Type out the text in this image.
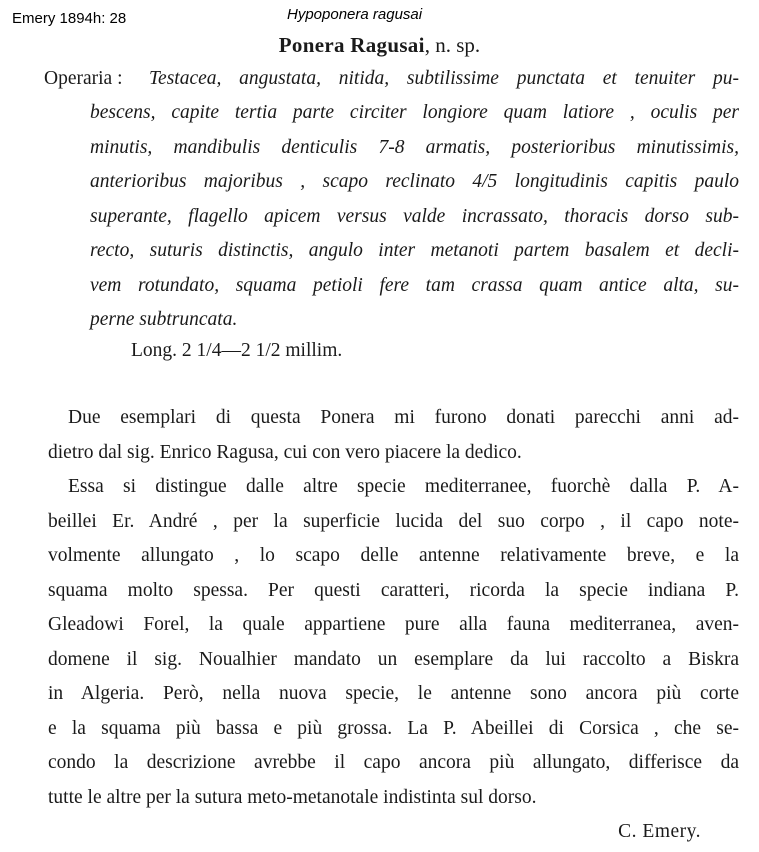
Emery 1894h: 28	Hypoponera ragusai
Ponera Ragusai, n. sp.
Operaria : Testacea, angustata, nitida, subtilissime punctata et tenuiter pu-
bescens, capite tertia parte circiter longiore quam latiore , oculis per
minutis, mandibulis denticulis 7-8 armatis, posterioribus minutissimis,
anterioribus majoribus , scapo reclinato 4/5 longitudinis capitis paulo
superante, flagello apicem versus valde incrassato, thoracis dorso sub-
recto, suturis distinctis, angulo inter metanoti partem basalem et decli-
vem rotundato, squama petioli fere tam crassa quam antice alta, su-
perne subtruncata.
Long. 2 1/4—2 1/2 millim.
Due esemplari di questa Ponera mi furono donati parecchi anni ad-
dietro dal sig. Enrico Ragusa, cui con vero piacere la dedico.
Essa si distingue dalle altre specie mediterranee, fuorchè dalla P. A-
beillei Er. André , per la superficie lucida del suo corpo , il capo note-
volmente allungato , lo scapo delle antenne relativamente breve, e la
squama molto spessa. Per questi caratteri, ricorda la specie indiana P.
Gleadowi Forel, la quale appartiene pure alla fauna mediterranea, aven-
domene il sig. Noualhier mandato un esemplare da lui raccolto a Biskra
in Algeria. Però, nella nuova specie, le antenne sono ancora più corte
e la squama più bassa e più grossa. La P. Abeillei di Corsica , che se-
condo la descrizione avrebbe il capo ancora più allungato, differisce da
tutte le altre per la sutura meto-metanotale indistinta sul dorso.
C. Emery.
